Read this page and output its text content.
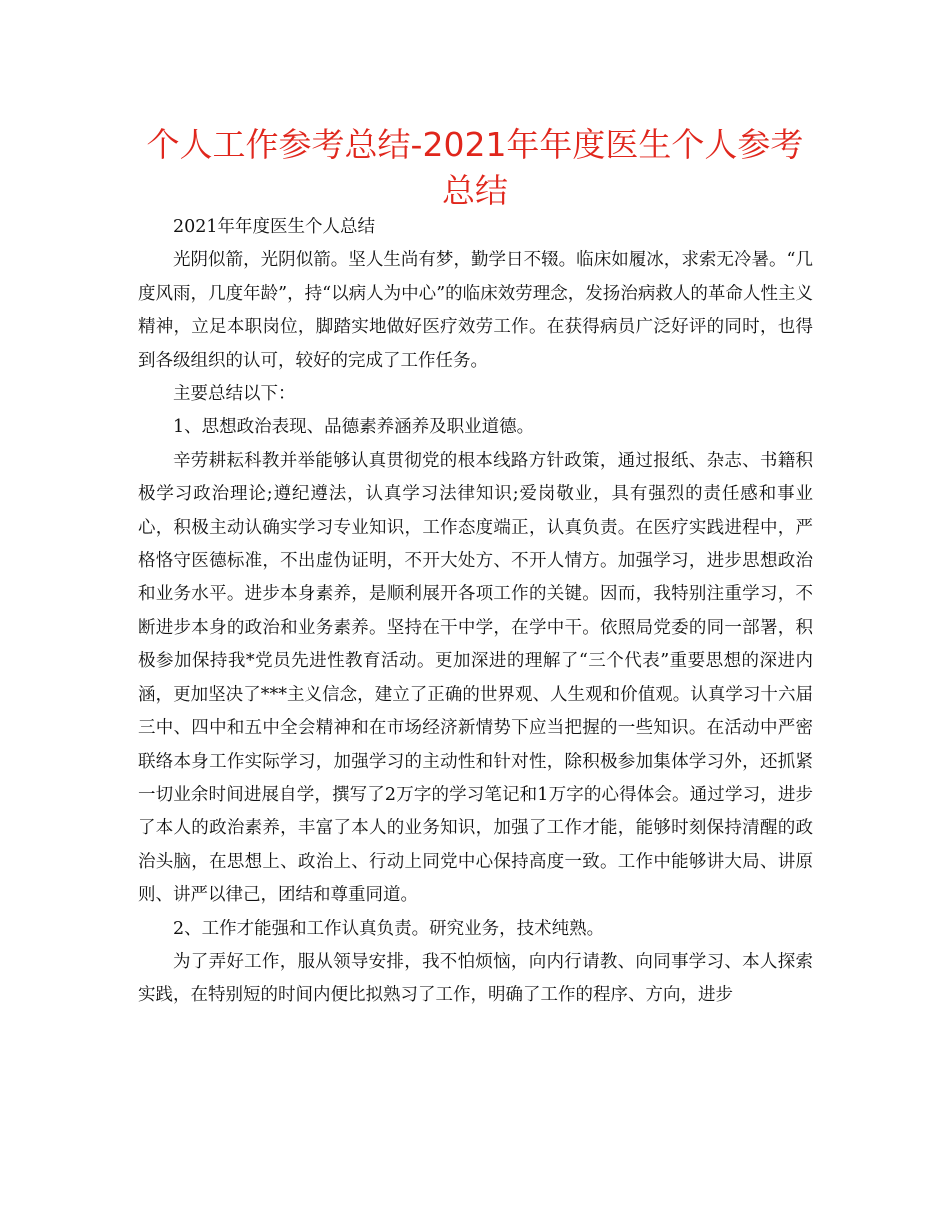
个人工作参考总结-2021年年度医生个人参考总结

2021年年度医生个人总结

光阴似箭，光阴似箭。坚人生尚有梦，勤学日不辍。临床如履冰，求索无冷暑。“几度风雨，几度年龄”，持“以病人为中心”的临床效劳理念，发扬治病救人的革命人性主义精神，立足本职岗位，脚踏实地做好医疗效劳工作。在获得病员广泛好评的同时，也得到各级组织的认可，较好的完成了工作任务。

主要总结以下：

1、思想政治表现、品德素养涵养及职业道德。

辛劳耕耘科教并举能够认真贯彻党的根本线路方针政策，通过报纸、杂志、书籍积极学习政治理论;遵纪遵法，认真学习法律知识;爱岗敬业，具有强烈的责任感和事业心，积极主动认确实学习专业知识，工作态度端正，认真负责。在医疗实践进程中，严格恪守医德标准，不出虚伪证明，不开大处方、不开人情方。加强学习，进步思想政治和业务水平。进步本身素养，是顺利展开各项工作的关键。因而，我特别注重学习，不断进步本身的政治和业务素养。坚持在干中学，在学中干。依照局党委的同一部署，积极参加保持我*党员先进性教育活动。更加深进的理解了“三个代表”重要思想的深进内涵，更加坚决了***主义信念，建立了正确的世界观、人生观和价值观。认真学习十六届三中、四中和五中全会精神和在市场经济新情势下应当把握的一些知识。在活动中严密联络本身工作实际学习，加强学习的主动性和针对性，除积极参加集体学习外，还抓紧一切业余时间进展自学，撰写了2万字的学习笔记和1万字的心得体会。通过学习，进步了本人的政治素养，丰富了本人的业务知识，加强了工作才能，能够时刻保持清醒的政治头脑，在思想上、政治上、行动上同党中心保持高度一致。工作中能够讲大局、讲原则、讲严以律己，团结和尊重同道。

2、工作才能强和工作认真负责。研究业务，技术纯熟。

为了弄好工作，服从领导安排，我不怕烦恼，向内行请教、向同事学习、本人探索实践，在特别短的时间内便比拟熟习了工作，明确了工作的程序、方向，进步
